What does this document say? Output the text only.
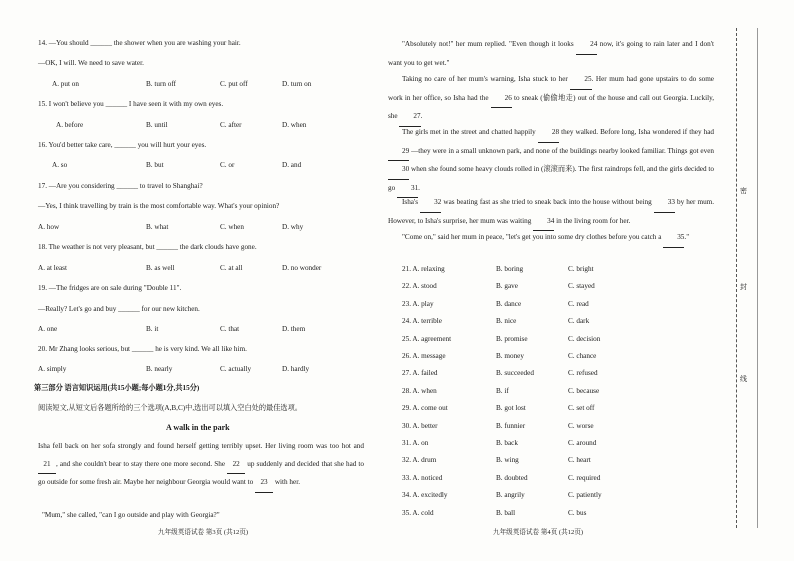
14. —You should ______ the shower when you are washing your hair.
—OK, I will. We need to save water.
A. put on	B. turn off	C. put off	D. turn on
15. I won't believe you ______ I have seen it with my own eyes.
A. before	B. until	C. after	D. when
16. You'd better take care, ______ you will hurt your eyes.
A. so	B. but	C. or	D. and
17. —Are you considering ______ to travel to Shanghai?
—Yes, I think travelling by train is the most comfortable way. What's your opinion?
A. how	B. what	C. when	D. why
18. The weather is not very pleasant, but ______ the dark clouds have gone.
A. at least	B. as well	C. at all	D. no wonder
19. —The fridges are on sale during "Double 11".
—Really? Let's go and buy ______ for our new kitchen.
A. one	B. it	C. that	D. them
20. Mr Zhang looks serious, but ______ he is very kind. We all like him.
A. simply	B. nearly	C. actually	D. hardly
第三部分 语言知识运用(共15小题;每小题1分,共15分)
阅读短文,从短文后各题所给的三个选项(A,B,C)中,选出可以填入空白处的最佳选项。
A walk in the park
Isha fell back on her sofa strongly and found herself getting terribly upset. Her living room was too hot and 21 , and she couldn't bear to stay there one more second. She 22 up suddenly and decided that she had to go outside for some fresh air. Maybe her neighbour Georgia would want to 23 with her.
"Mum," she called, "can I go outside and play with Georgia?"
九年级英语试卷 第3页 (共12页)
"Absolutely not!" her mum replied. "Even though it looks 24 now, it's going to rain later and I don't want you to get wet."
Taking no care of her mum's warning, Isha stuck to her 25. Her mum had gone upstairs to do some work in her office, so Isha had the 26 to sneak (偷偷地走) out of the house and call out Georgia. Luckily, she 27.
The girls met in the street and chatted happily 28 they walked. Before long, Isha wondered if they had 29 —they were in a small unknown park, and none of the buildings nearby looked familiar. Things got even 30 when she found some heavy clouds rolled in (滚滚而来). The first raindrops fell, and the girls decided to go 31.
Isha's 32 was beating fast as she tried to sneak back into the house without being 33 by her mum. However, to Isha's surprise, her mum was waiting 34 in the living room for her.
"Come on," said her mum in peace, "let's get you into some dry clothes before you catch a 35."
21. A. relaxing	B. boring	C. bright
22. A. stood	B. gave	C. stayed
23. A. play	B. dance	C. read
24. A. terrible	B. nice	C. dark
25. A. agreement	B. promise	C. decision
26. A. message	B. money	C. chance
27. A. failed	B. succeeded	C. refused
28. A. when	B. if	C. because
29. A. come out	B. got lost	C. set off
30. A. better	B. funnier	C. worse
31. A. on	B. back	C. around
32. A. drum	B. wing	C. heart
33. A. noticed	B. doubted	C. required
34. A. excitedly	B. angrily	C. patiently
35. A. cold	B. ball	C. bus
九年级英语试卷 第4页 (共12页)
密
封
线
